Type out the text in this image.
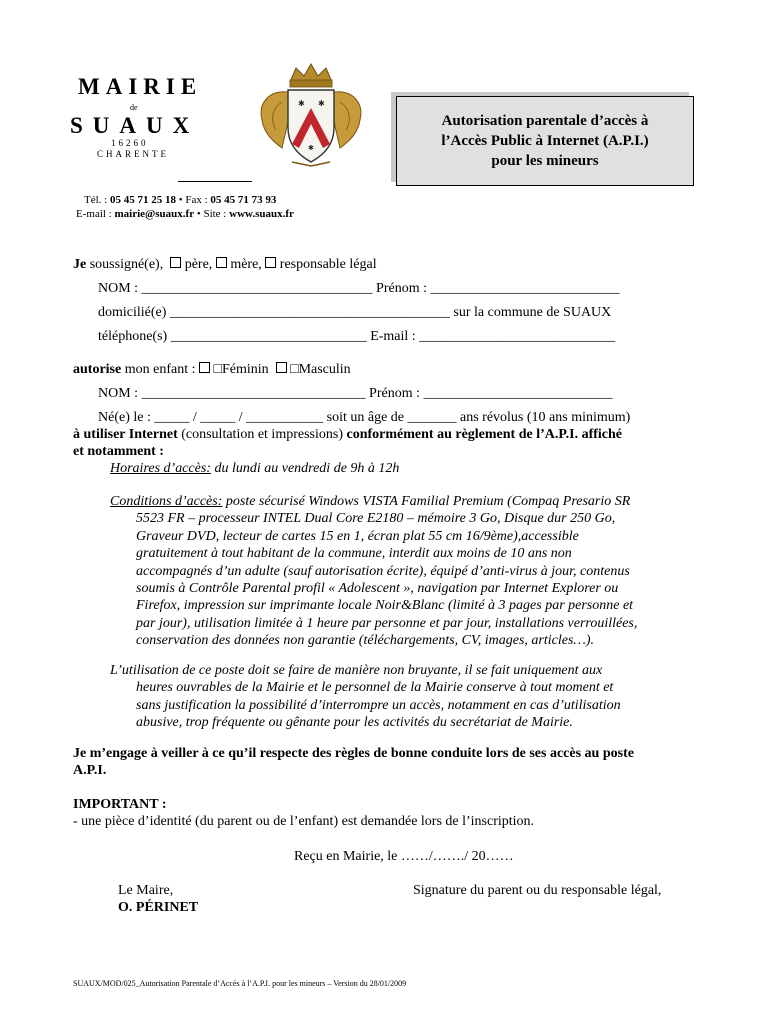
MAIRIE
de
SUAUX
16260
CHARENTE
✱ ✱
✱
Tél. : 05 45 71 25 18 • Fax : 05 45 71 73 93
E-mail : mairie@suaux.fr • Site : www.suaux.fr
Autorisation parentale d’accès à
l’Accès Public à Internet (A.P.I.)
pour les mineurs
Je soussigné(e),   père,  mère,  responsable légal
NOM : _________________________________ Prénom : ___________________________
domicilié(e) ________________________________________ sur la commune de SUAUX
téléphone(s) ____________________________ E-mail : ____________________________
autorise mon enfant :  □Féminin   □Masculin
NOM : ________________________________ Prénom : ___________________________
Né(e) le : _____ / _____ / ___________ soit un âge de _______ ans révolus (10 ans minimum)
à utiliser Internet (consultation et impressions) conformément au règlement de l’A.P.I. affiché
et notamment :
Horaires d’accès: du lundi au vendredi de 9h à 12h
Conditions d’accès: poste sécurisé Windows VISTA Familial Premium (Compaq Presario SR
5523 FR – processeur INTEL Dual Core E2180 – mémoire 3 Go, Disque dur 250 Go,
Graveur DVD, lecteur de cartes 15 en 1, écran plat 55 cm 16/9ème),accessible
gratuitement à tout habitant de la commune, interdit aux moins de 10 ans non
accompagnés d’un adulte (sauf autorisation écrite), équipé d’anti-virus à jour, contenus
soumis à Contrôle Parental profil « Adolescent », navigation par Internet Explorer ou
Firefox, impression sur imprimante locale Noir&Blanc (limité à 3 pages par personne et
par jour), utilisation limitée à 1 heure par personne et par jour, installations verrouillées,
conservation des données non garantie (téléchargements, CV, images, articles…).
L’utilisation de ce poste doit se faire de manière non bruyante, il se fait uniquement aux
heures ouvrables de la Mairie et le personnel de la Mairie conserve à tout moment et
sans justification la possibilité d’interrompre un accès, notamment en cas d’utilisation
abusive, trop fréquente ou gênante pour les activités du secrétariat de Mairie.
Je m’engage à veiller à ce qu’il respecte des règles de bonne conduite lors de ses accès au poste
A.P.I.
IMPORTANT :
- une pièce d’identité (du parent ou de l’enfant) est demandée lors de l’inscription.
Reçu en Mairie, le ……/……./ 20……
Le Maire,
O. PÉRINET
Signature du parent ou du responsable légal,
SUAUX/MOD/025_Autorisation Parentale d’Accès à l’A.P.I. pour les mineurs – Version du 28/01/2009
